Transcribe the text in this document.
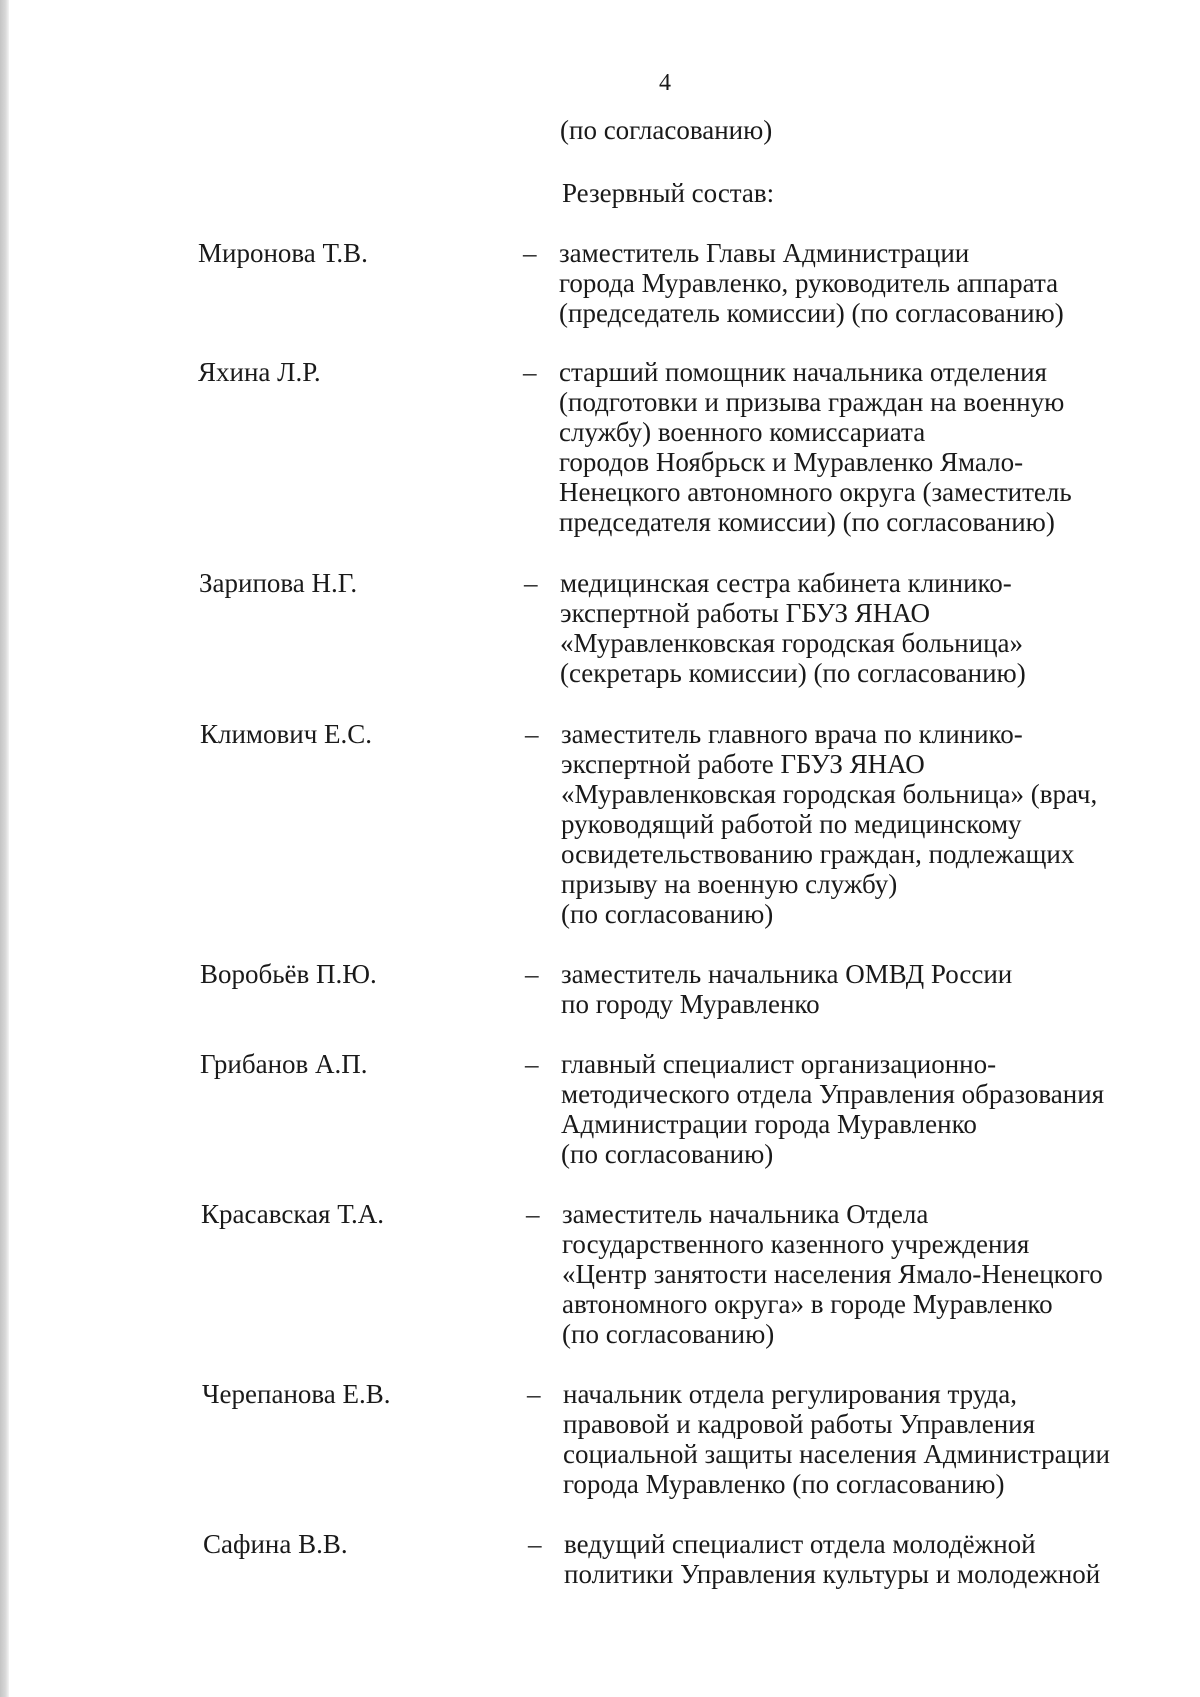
4
(по согласованию)
Резервный состав:
Миронова Т.В.	– заместитель Главы Администрации
города Муравленко, руководитель аппарата
(председатель комиссии) (по согласованию)
Яхина Л.Р.	– старший помощник начальника отделения
(подготовки и призыва граждан на военную
службу) военного комиссариата
городов Ноябрьск и Муравленко Ямало-
Ненецкого автономного округа (заместитель
председателя комиссии) (по согласованию)
Зарипова Н.Г.	– медицинская сестра кабинета клинико-
экспертной работы ГБУЗ ЯНАО
«Муравленковская городская больница»
(секретарь комиссии) (по согласованию)
Климович Е.С.	– заместитель главного врача по клинико-
экспертной работе ГБУЗ ЯНАО
«Муравленковская городская больница» (врач,
руководящий работой по медицинскому
освидетельствованию граждан, подлежащих
призыву на военную службу)
(по согласованию)
Воробьёв П.Ю.	– заместитель начальника ОМВД России
по городу Муравленко
Грибанов А.П.	– главный специалист организационно-
методического отдела Управления образования
Администрации города Муравленко
(по согласованию)
Красавская Т.А.	– заместитель начальника Отдела
государственного казенного учреждения
«Центр занятости населения Ямало-Ненецкого
автономного округа» в городе Муравленко
(по согласованию)
Черепанова Е.В.	– начальник отдела регулирования труда,
правовой и кадровой работы Управления
социальной защиты населения Администрации
города Муравленко (по согласованию)
Сафина В.В.	– ведущий специалист отдела молодёжной
политики Управления культуры и молодежной
